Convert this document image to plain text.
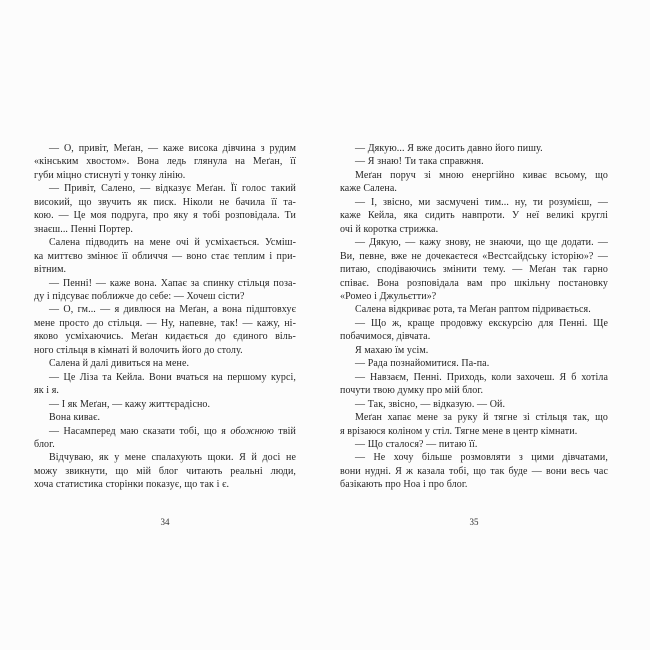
— О, привіт, Меґан, — каже висока дівчина з рудим
«кінським хвостом». Вона ледь глянула на Меґан, її
губи міцно стиснуті у тонку лінію.
— Привіт, Салено, — відказує Меґан. Її голос такий
високий, що звучить як писк. Ніколи не бачила її та-
кою. — Це моя подруга, про яку я тобі розповідала. Ти
знаєш... Пенні Портер.
Салена підводить на мене очі й усміхається. Усміш-
ка миттєво змінює її обличчя — воно стає теплим і при-
вітним.
— Пенні! — каже вона. Хапає за спинку стільця поза-
ду і підсуває поближче до себе: — Хочеш сісти?
— О, гм... — я дивлюся на Меґан, а вона підштовхує
мене просто до стільця. — Ну, напевне, так! — кажу, ні-
яково усміхаючись. Меґан кидається до єдиного віль-
ного стільця в кімнаті й волочить його до столу.
Салена й далі дивиться на мене.
— Це Ліза та Кейла. Вони вчаться на першому курсі,
як і я.
— І як Меґан, — кажу життєрадісно.
Вона киває.
— Насамперед маю сказати тобі, що я обожнюю твій
блог.
Відчуваю, як у мене спалахують щоки. Я й досі не
можу звикнути, що мій блог читають реальні люди,
хоча статистика сторінки показує, що так і є.
34
— Дякую... Я вже досить давно його пишу.
— Я знаю! Ти така справжня.
Меґан поруч зі мною енергійно киває всьому, що
каже Салена.
— І, звісно, ми засмучені тим... ну, ти розумієш, —
каже Кейла, яка сидить навпроти. У неї великі круглі
очі й коротка стрижка.
— Дякую, — кажу знову, не знаючи, що ще додати. —
Ви, певне, вже не дочекаєтеся «Вестсайдську історію»? —
питаю, сподіваючись змінити тему. — Меґан так гарно
співає. Вона розповідала вам про шкільну постановку
«Ромео і Джульєтти»?
Салена відкриває рота, та Меґан раптом підривається.
— Що ж, краще продовжу екскурсію для Пенні. Ще
побачимося, дівчата.
Я махаю їм усім.
— Рада познайомитися. Па-па.
— Навзаєм, Пенні. Приходь, коли захочеш. Я б хотіла
почути твою думку про мій блог.
— Так, звісно, — відказую. — Ой.
Меґан хапає мене за руку й тягне зі стільця так, що
я врізаюся коліном у стіл. Тягне мене в центр кімнати.
— Що сталося? — питаю її.
— Не хочу більше розмовляти з цими дівчатами,
вони нудні. Я ж казала тобі, що так буде — вони весь час
базікають про Ноа і про блог.
35
